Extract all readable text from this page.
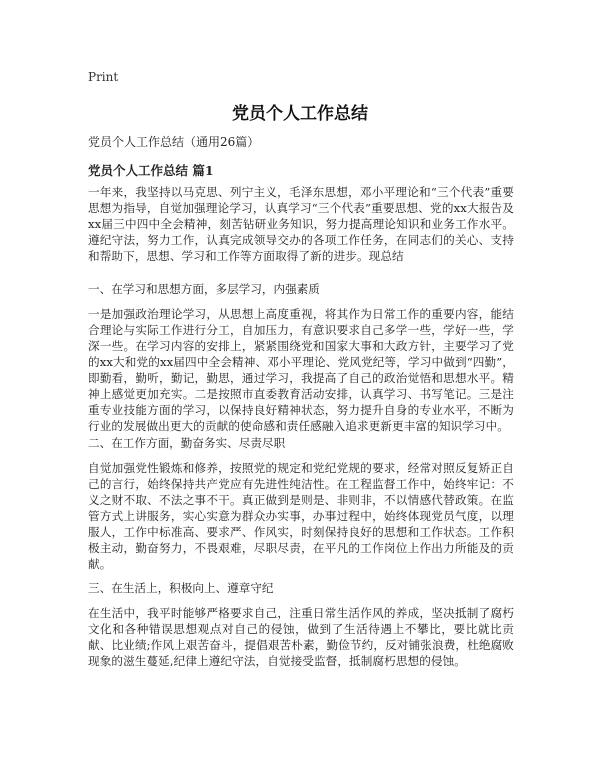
Print
党员个人工作总结
党员个人工作总结（通用26篇）
党员个人工作总结 篇1

一年来，我坚持以马克思、列宁主义，毛泽东思想，邓小平理论和“三个代表”重要思想为指导，自觉加强理论学习，认真学习“三个代表”重要思想、党的xx大报告及xx届三中四中全会精神，刻苦钻研业务知识，努力提高理论知识和业务工作水平。遵纪守法，努力工作，认真完成领导交办的各项工作任务，在同志们的关心、支持和帮助下，思想、学习和工作等方面取得了新的进步。现总结

一、在学习和思想方面，多层学习，内强素质

一是加强政治理论学习，从思想上高度重视，将其作为日常工作的重要内容，能结合理论与实际工作进行分工，自加压力，有意识要求自己多学一些，学好一些，学深一些。在学习内容的安排上，紧紧围绕党和国家大事和大政方针，主要学习了党的xx大和党的xx届四中全会精神、邓小平理论、党风党纪等，学习中做到“四勤”，即勤看，勤听，勤记，勤思，通过学习，我提高了自己的政治觉悟和思想水平。精神上感觉更加充实。二是按照市直委教育活动安排，认真学习、书写笔记。三是注重专业技能方面的学习，以保持良好精神状态，努力提升自身的专业水平，不断为行业的发展做出更大的贡献的使命感和责任感融入追求更新更丰富的知识学习中。

二、在工作方面，勤奋务实、尽责尽职

自觉加强党性锻炼和修养，按照党的规定和党纪党规的要求，经常对照反复矫正自己的言行，始终保持共产党应有先进性纯洁性。在工程监督工作中，始终牢记：不义之财不取、不法之事不干。真正做到是则是、非则非，不以情感代替政策。在监管方式上讲服务，实心实意为群众办实事，办事过程中，始终体现党员气度，以理服人，工作中标准高、要求严、作风实，时刻保持良好的思想和工作状态。工作积极主动，勤奋努力，不畏艰难，尽职尽责，在平凡的工作岗位上作出力所能及的贡献。

三、在生活上，积极向上、遵章守纪

在生活中，我平时能够严格要求自己，注重日常生活作风的养成，坚决抵制了腐朽文化和各种错误思想观点对自己的侵蚀，做到了生活待遇上不攀比，要比就比贡献、比业绩;作风上艰苦奋斗，提倡艰苦朴素，勤俭节约，反对铺张浪费，杜绝腐败现象的滋生蔓延,纪律上遵纪守法，自觉接受监督，抵制腐朽思想的侵蚀。
